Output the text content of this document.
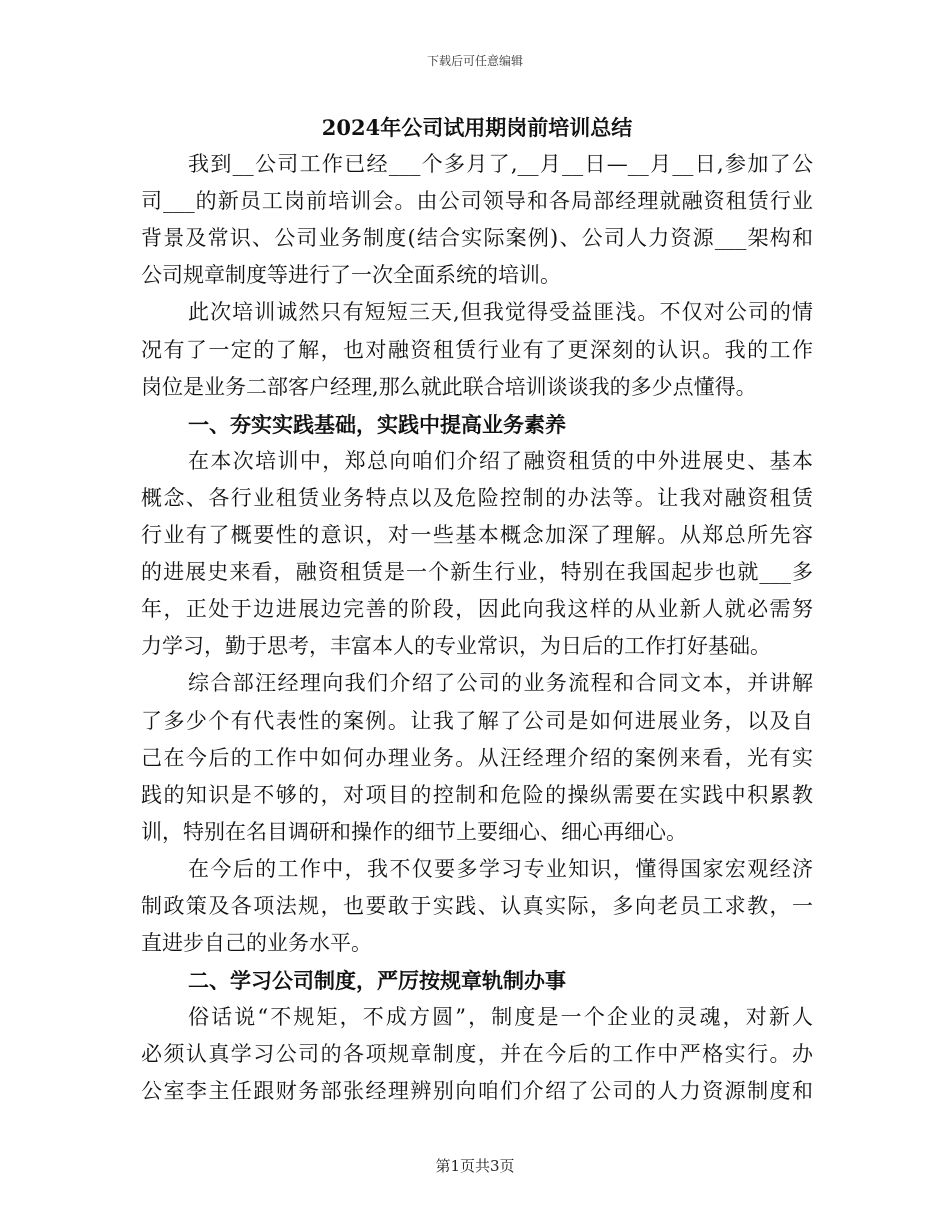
下载后可任意编辑
2024年公司试用期岗前培训总结
我到__公司工作已经___个多月了,__月__日—__月__日,参加了公
司___的新员工岗前培训会。由公司领导和各局部经理就融资租赁行业
背景及常识、公司业务制度(结合实际案例)、公司人力资源___架构和
公司规章制度等进行了一次全面系统的培训。
此次培训诚然只有短短三天,但我觉得受益匪浅。不仅对公司的情
况有了一定的了解，也对融资租赁行业有了更深刻的认识。我的工作
岗位是业务二部客户经理,那么就此联合培训谈谈我的多少点懂得。
一、夯实实践基础，实践中提高业务素养
在本次培训中，郑总向咱们介绍了融资租赁的中外进展史、基本
概念、各行业租赁业务特点以及危险控制的办法等。让我对融资租赁
行业有了概要性的意识，对一些基本概念加深了理解。从郑总所先容
的进展史来看，融资租赁是一个新生行业，特别在我国起步也就___多
年，正处于边进展边完善的阶段，因此向我这样的从业新人就必需努
力学习，勤于思考，丰富本人的专业常识，为日后的工作打好基础。
综合部汪经理向我们介绍了公司的业务流程和合同文本，并讲解
了多少个有代表性的案例。让我了解了公司是如何进展业务，以及自
己在今后的工作中如何办理业务。从汪经理介绍的案例来看，光有实
践的知识是不够的，对项目的控制和危险的操纵需要在实践中积累教
训，特别在名目调研和操作的细节上要细心、细心再细心。
在今后的工作中，我不仅要多学习专业知识，懂得国家宏观经济
制政策及各项法规，也要敢于实践、认真实际，多向老员工求教，一
直进步自己的业务水平。
二、学习公司制度，严厉按规章轨制办事
俗话说“不规矩，不成方圆”，制度是一个企业的灵魂，对新人
必须认真学习公司的各项规章制度，并在今后的工作中严格实行。办
公室李主任跟财务部张经理辨别向咱们介绍了公司的人力资源制度和
第1页共3页
